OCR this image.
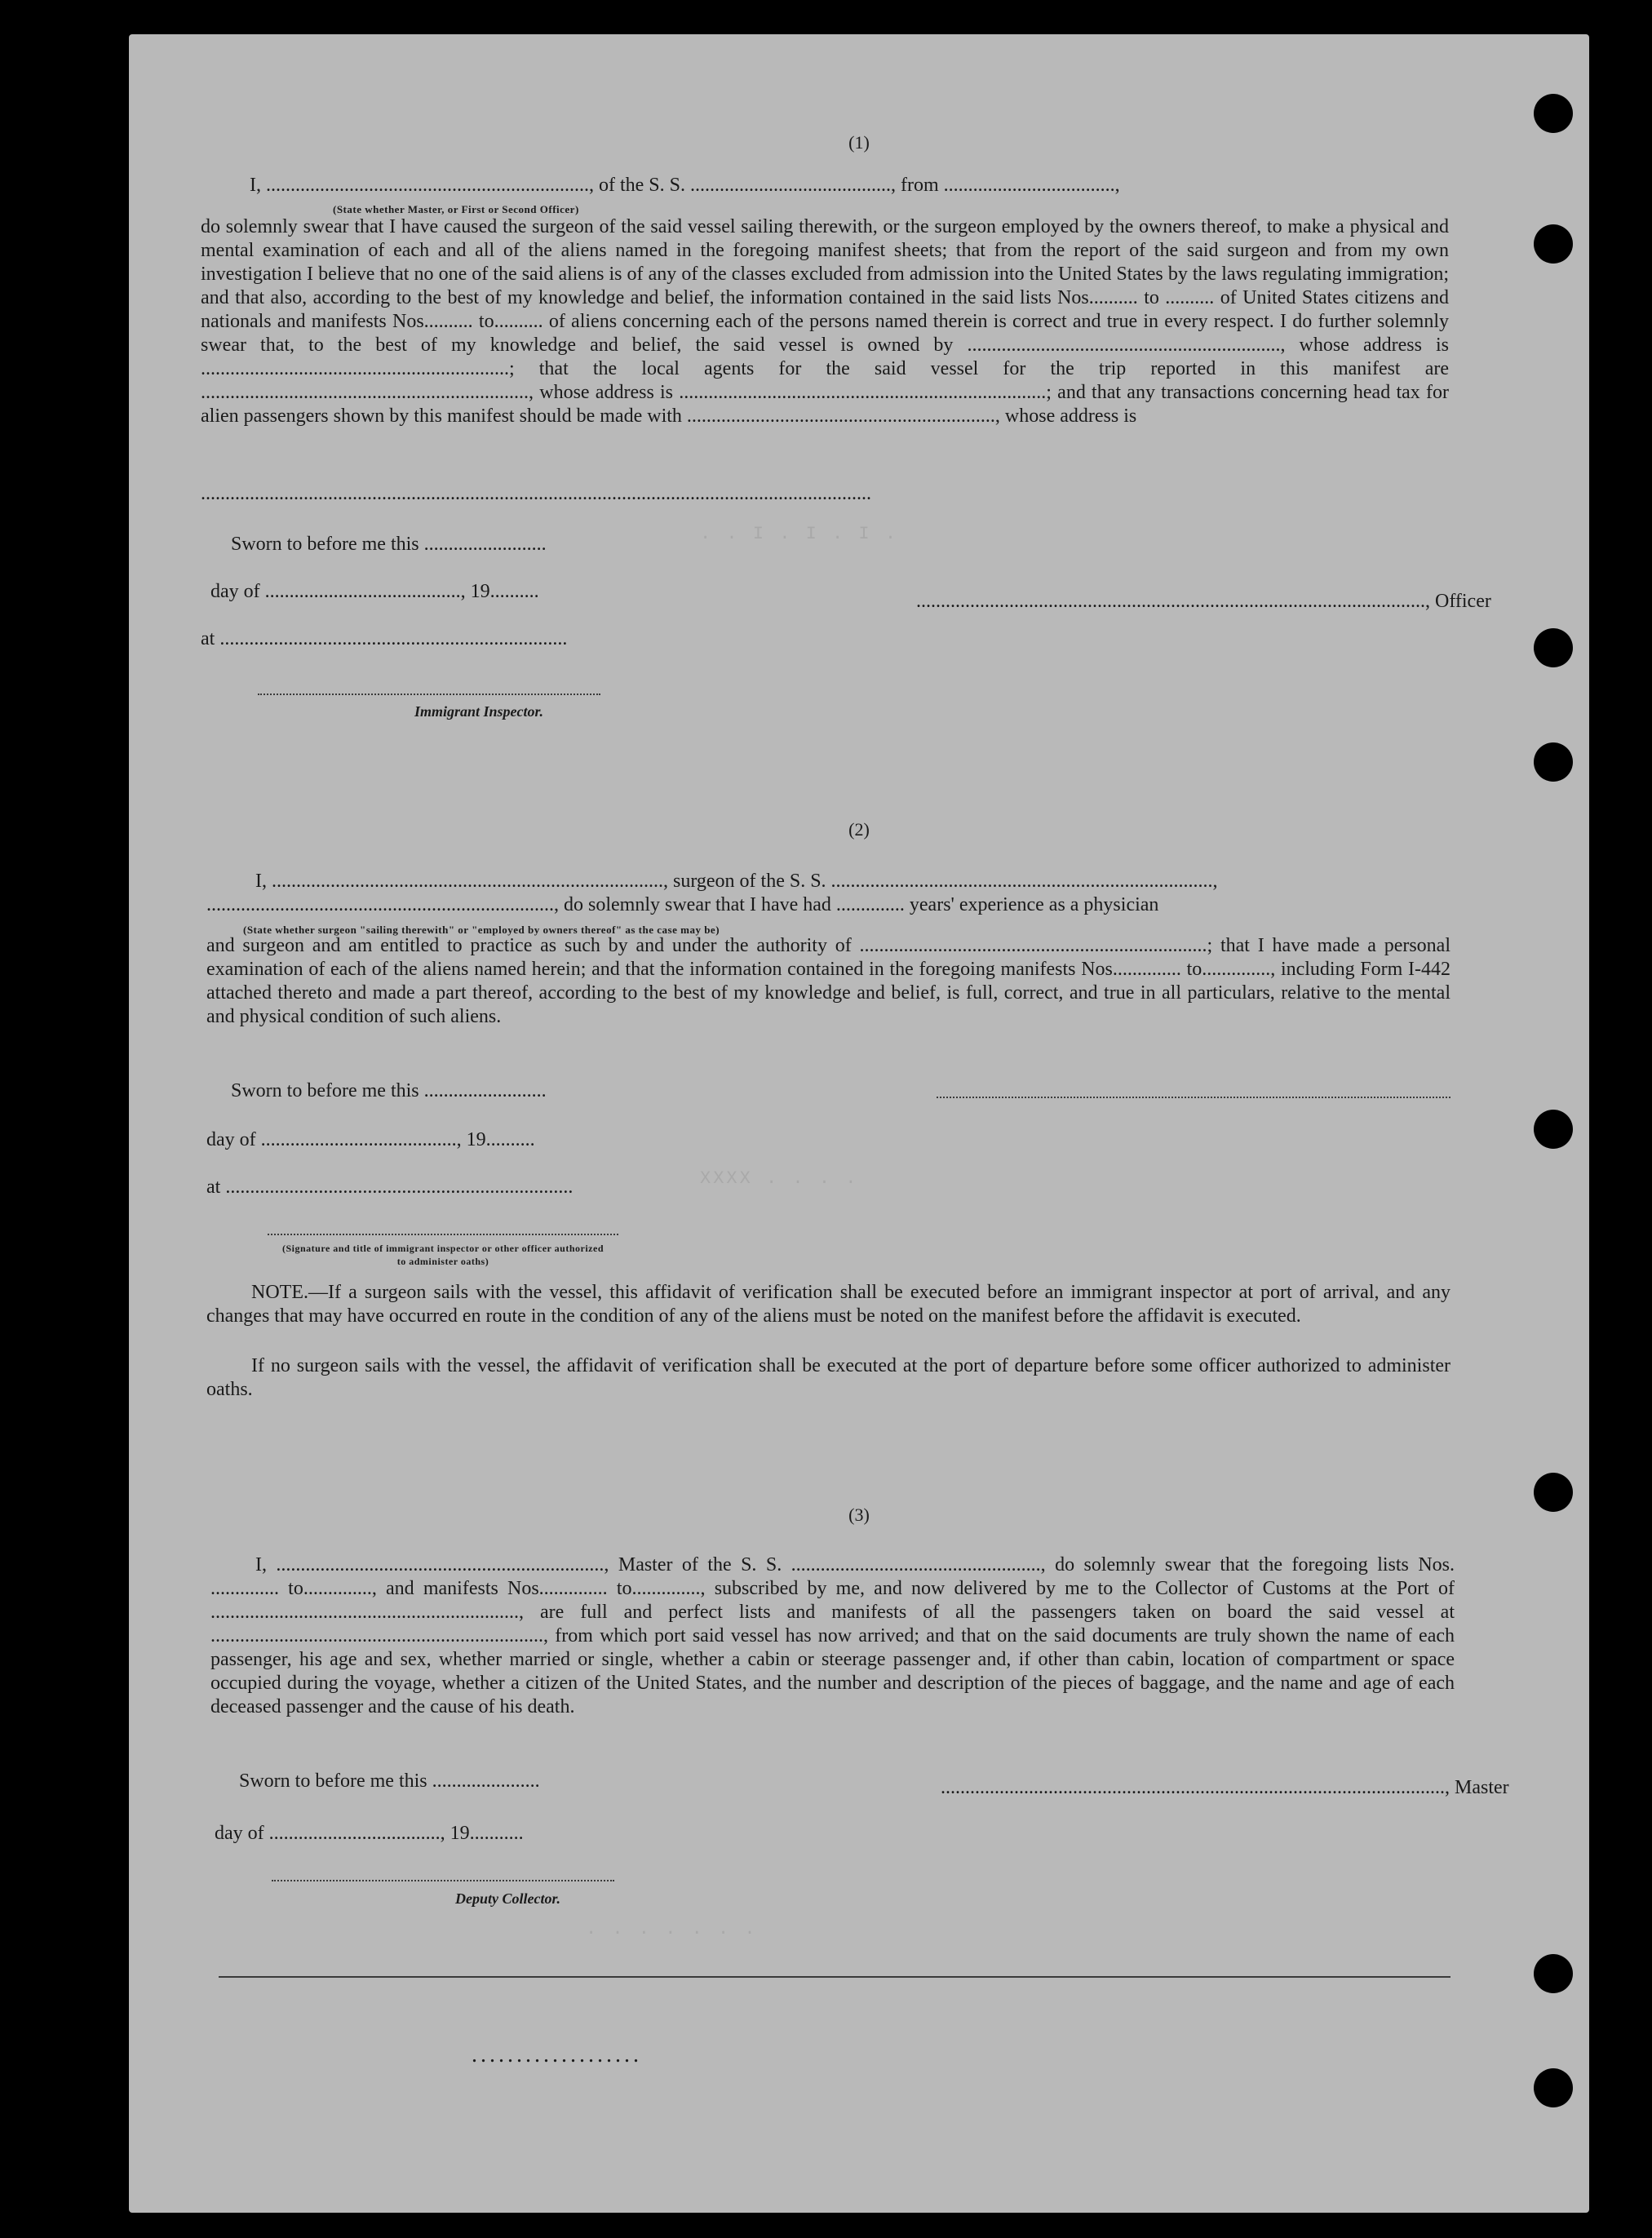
. . I . I . I .
XXXX . . . .
. . . . . . .
(1)
I, .................................................................., of the S. S. ........................................., from ...................................,
(State whether Master, or First or Second Officer)
do solemnly swear that I have caused the surgeon of the said vessel sailing therewith, or the surgeon employed by the owners thereof, to make a physical and mental examination of each and all of the aliens named in the foregoing manifest sheets; that from the report of the said surgeon and from my own investigation I believe that no one of the said aliens is of any of the classes excluded from admission into the United States by the laws regulating immigration; and that also, according to the best of my knowledge and belief, the information contained in the said lists Nos.......... to .......... of United States citizens and nationals and manifests Nos.......... to.......... of aliens concerning each of the persons named therein is correct and true in every respect. I do further solemnly swear that, to the best of my knowledge and belief, the said vessel is owned by ................................................................, whose address is ...............................................................; that the local agents for the said vessel for the trip reported in this manifest are ..................................................................., whose address is ...........................................................................; and that any transactions concerning head tax for alien passengers shown by this manifest should be made with ..............................................................., whose address is
.........................................................................................................................................
Sworn to before me this .........................
........................................................................................................, Officer
day of ........................................, 19..........
at .......................................................................
Immigrant Inspector.
(2)
I, ................................................................................, surgeon of the S. S. ..............................................................................,
......................................................................., do solemnly swear that I have had .............. years' experience as a physician
(State whether surgeon "sailing therewith" or "employed by owners thereof" as the case may be)
and surgeon and am entitled to practice as such by and under the authority of .......................................................................; that I have made a personal examination of each of the aliens named herein; and that the information contained in the foregoing manifests Nos.............. to.............., including Form I-442 attached thereto and made a part thereof, according to the best of my knowledge and belief, is full, correct, and true in all particulars, relative to the mental and physical condition of such aliens.
Sworn to before me this .........................
day of ........................................, 19..........
at .......................................................................
(Signature and title of immigrant inspector or other officer authorized to administer oaths)
NOTE.—If a surgeon sails with the vessel, this affidavit of verification shall be executed before an immigrant inspector at port of arrival, and any changes that may have occurred en route in the condition of any of the aliens must be noted on the manifest before the affidavit is executed.
If no surgeon sails with the vessel, the affidavit of verification shall be executed at the port of departure before some officer authorized to administer oaths.
(3)
I, ..................................................................., Master of the S. S. ..................................................., do solemnly swear that the foregoing lists Nos. .............. to.............., and manifests Nos.............. to.............., subscribed by me, and now delivered by me to the Collector of Customs at the Port of ..............................................................., are full and perfect lists and manifests of all the passengers taken on board the said vessel at ...................................................................., from which port said vessel has now arrived; and that on the said documents are truly shown the name of each passenger, his age and sex, whether married or single, whether a cabin or steerage passenger and, if other than cabin, location of compartment or space occupied during the voyage, whether a citizen of the United States, and the number and description of the pieces of baggage, and the name and age of each deceased passenger and the cause of his death.
Sworn to before me this ......................	......................................................................................................., Master
day of ..................................., 19...........
Deputy Collector.
...................
